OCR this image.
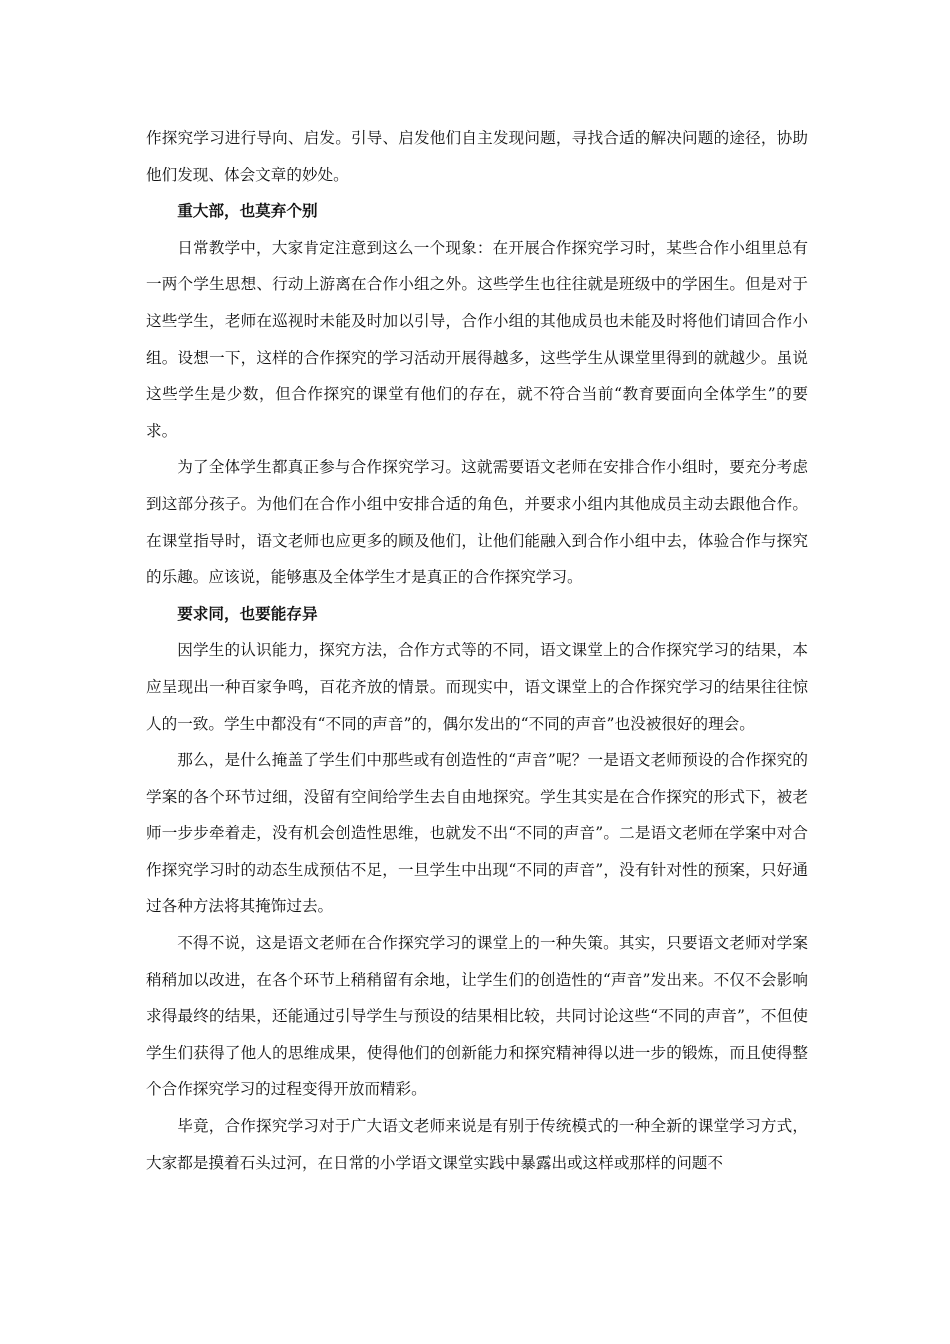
作探究学习进行导向、启发。引导、启发他们自主发现问题，寻找合适的解决问题的途径，协助他们发现、体会文章的妙处。

重大部，也莫弃个别

日常教学中，大家肯定注意到这么一个现象：在开展合作探究学习时，某些合作小组里总有一两个学生思想、行动上游离在合作小组之外。这些学生也往往就是班级中的学困生。但是对于这些学生，老师在巡视时未能及时加以引导，合作小组的其他成员也未能及时将他们请回合作小组。设想一下，这样的合作探究的学习活动开展得越多，这些学生从课堂里得到的就越少。虽说这些学生是少数，但合作探究的课堂有他们的存在，就不符合当前“教育要面向全体学生”的要求。

为了全体学生都真正参与合作探究学习。这就需要语文老师在安排合作小组时，要充分考虑到这部分孩子。为他们在合作小组中安排合适的角色，并要求小组内其他成员主动去跟他合作。在课堂指导时，语文老师也应更多的顾及他们，让他们能融入到合作小组中去，体验合作与探究的乐趣。应该说，能够惠及全体学生才是真正的合作探究学习。

要求同，也要能存异

因学生的认识能力，探究方法，合作方式等的不同，语文课堂上的合作探究学习的结果，本应呈现出一种百家争鸣，百花齐放的情景。而现实中，语文课堂上的合作探究学习的结果往往惊人的一致。学生中都没有“不同的声音”的，偶尔发出的“不同的声音”也没被很好的理会。

那么，是什么掩盖了学生们中那些或有创造性的“声音”呢？一是语文老师预设的合作探究的学案的各个环节过细，没留有空间给学生去自由地探究。学生其实是在合作探究的形式下，被老师一步步牵着走，没有机会创造性思维，也就发不出“不同的声音”。二是语文老师在学案中对合作探究学习时的动态生成预估不足，一旦学生中出现“不同的声音”，没有针对性的预案，只好通过各种方法将其掩饰过去。

不得不说，这是语文老师在合作探究学习的课堂上的一种失策。其实，只要语文老师对学案稍稍加以改进，在各个环节上稍稍留有余地，让学生们的创造性的“声音”发出来。不仅不会影响求得最终的结果，还能通过引导学生与预设的结果相比较，共同讨论这些“不同的声音”，不但使学生们获得了他人的思维成果，使得他们的创新能力和探究精神得以进一步的锻炼，而且使得整个合作探究学习的过程变得开放而精彩。

毕竟，合作探究学习对于广大语文老师来说是有别于传统模式的一种全新的课堂学习方式，大家都是摸着石头过河，在日常的小学语文课堂实践中暴露出或这样或那样的问题不
